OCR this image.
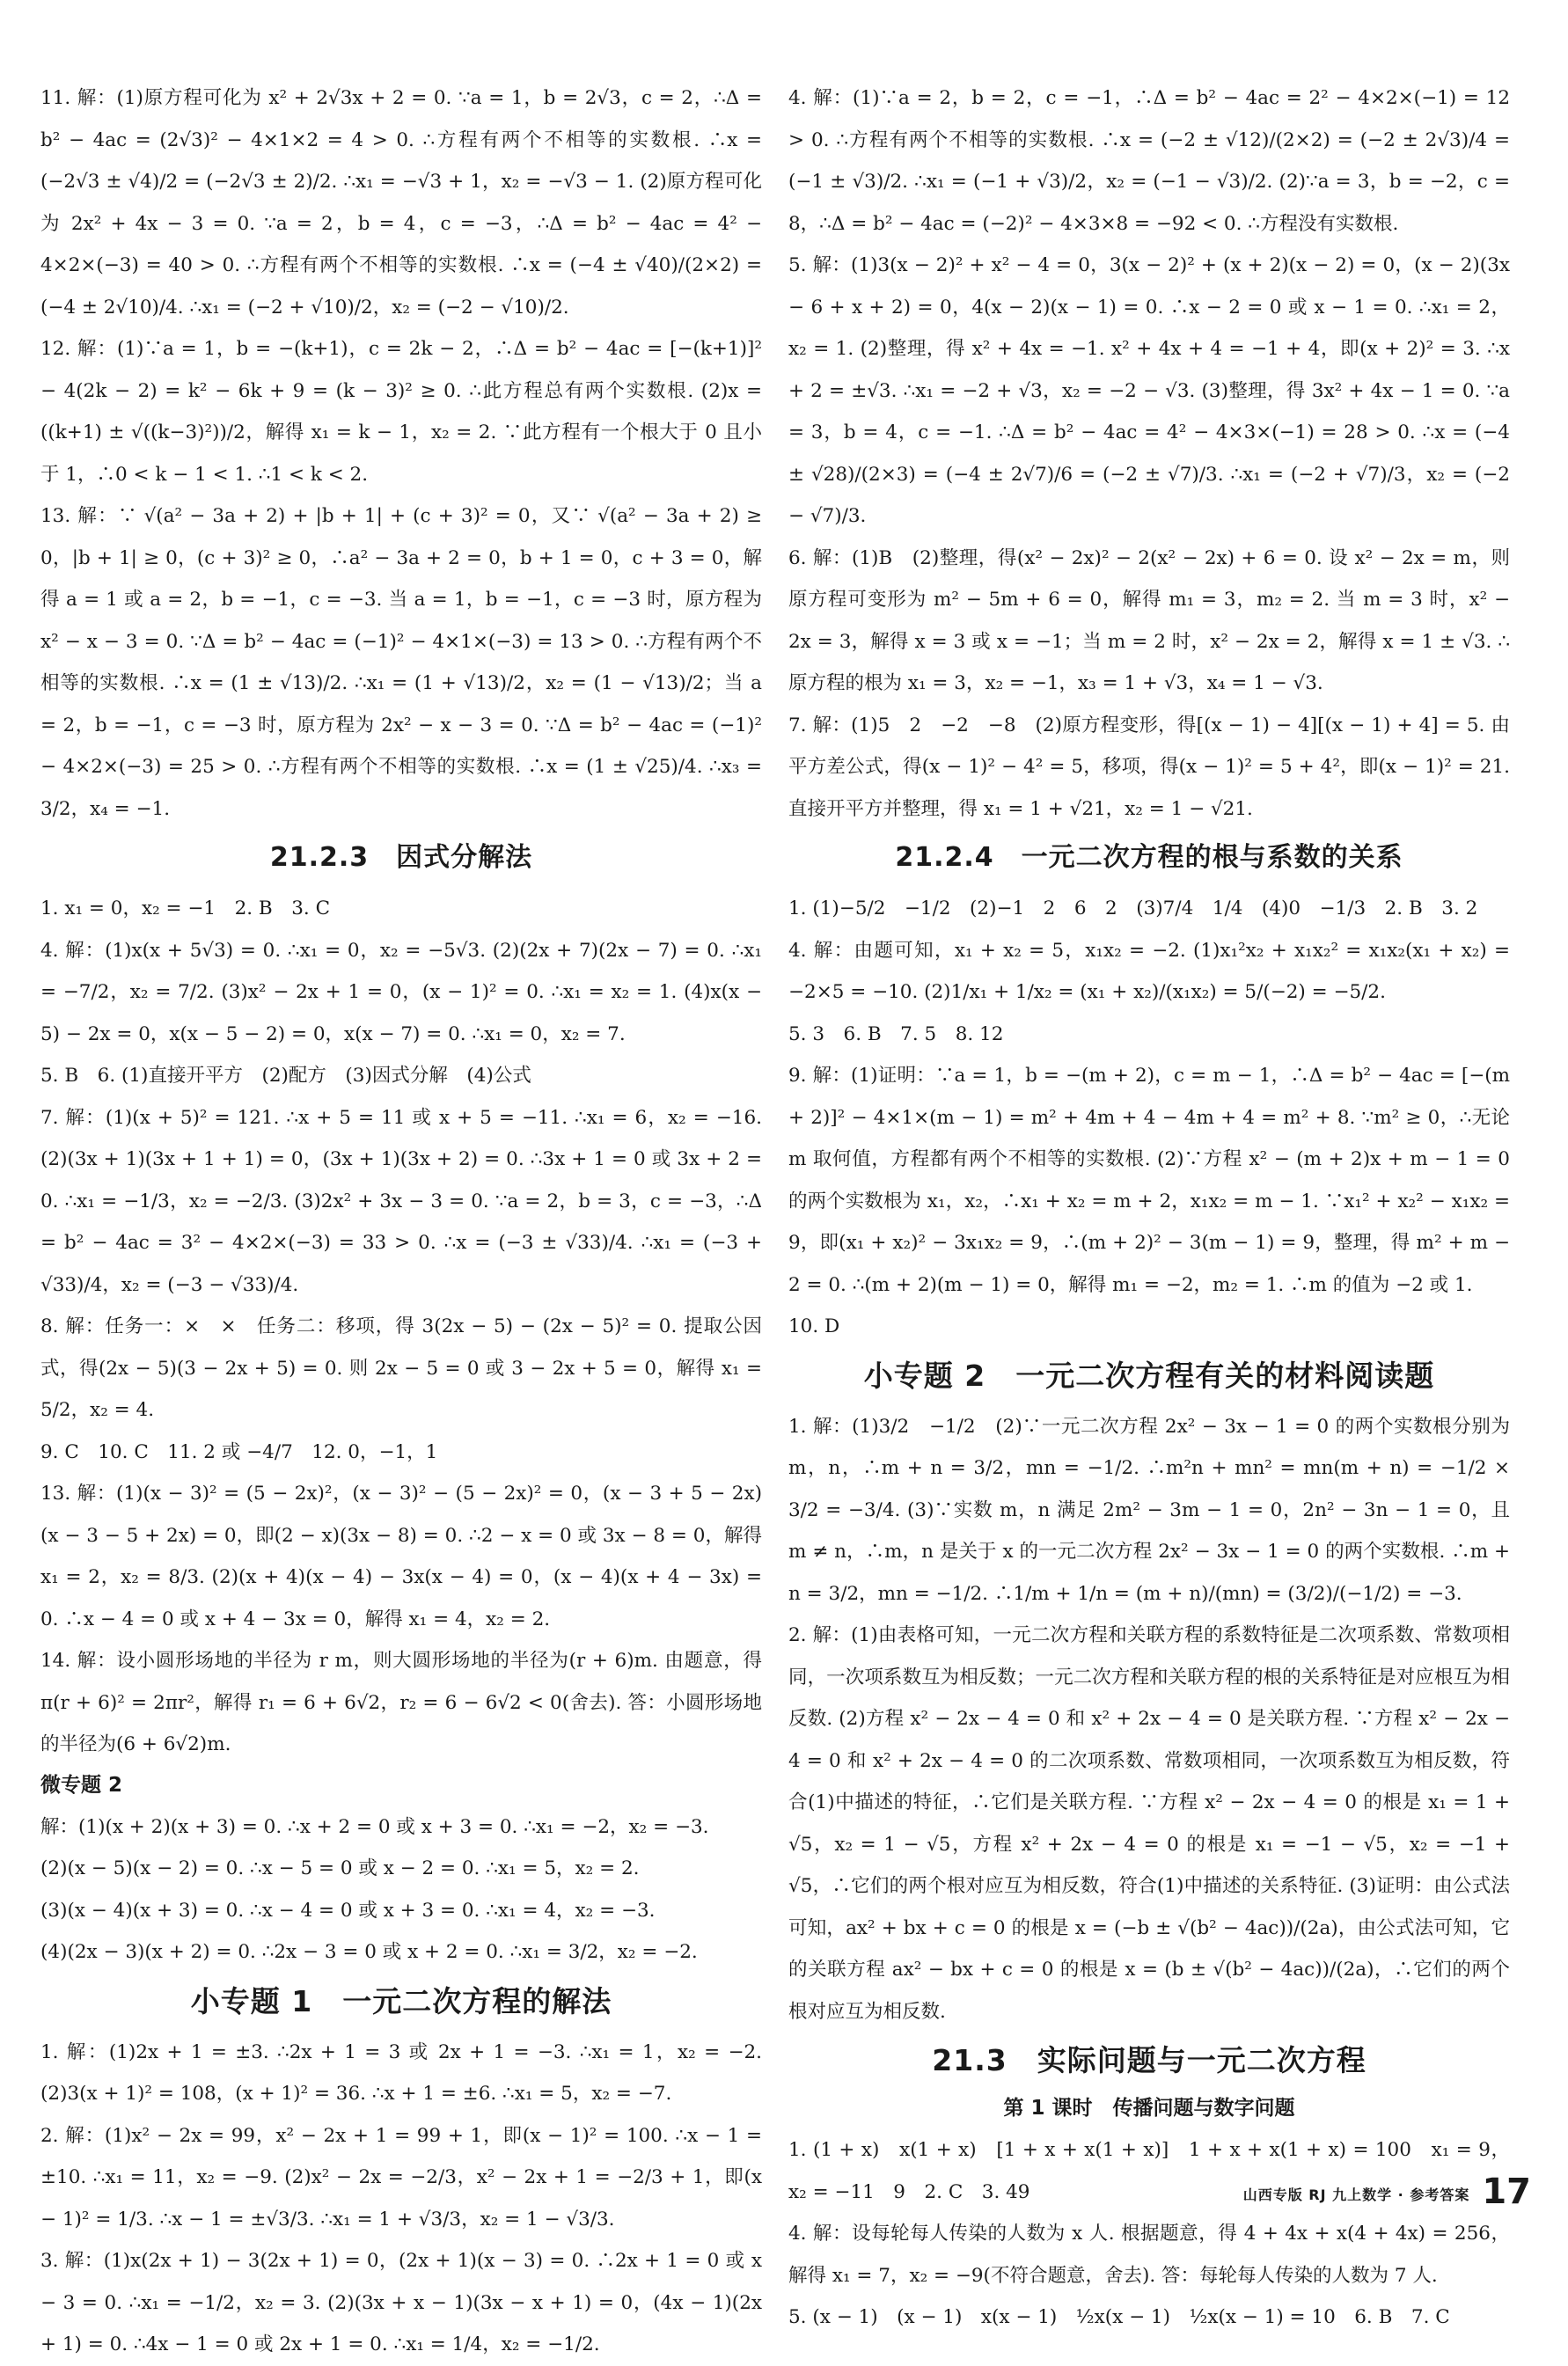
11. 解：(1)原方程可化为 x² + 2√3x + 2 = 0. ∵a = 1，b = 2√3，c = 2，∴Δ = b² − 4ac = (2√3)² − 4×1×2 = 4 > 0. ∴方程有两个不相等的实数根. ∴x = (−2√3 ± √4)/2 = (−2√3 ± 2)/2. ∴x₁ = −√3 + 1，x₂ = −√3 − 1. (2)原方程可化为 2x² + 4x − 3 = 0. ∵a = 2，b = 4，c = −3，∴Δ = b² − 4ac = 4² − 4×2×(−3) = 40 > 0. ∴方程有两个不相等的实数根. ∴x = (−4 ± √40)/(2×2) = (−4 ± 2√10)/4. ∴x₁ = (−2 + √10)/2，x₂ = (−2 − √10)/2.

12. 解：(1)∵a = 1，b = −(k+1)，c = 2k − 2，∴Δ = b² − 4ac = [−(k+1)]² − 4(2k − 2) = k² − 6k + 9 = (k − 3)² ≥ 0. ∴此方程总有两个实数根. (2)x = ((k+1) ± √((k−3)²))/2，解得 x₁ = k − 1，x₂ = 2. ∵此方程有一个根大于 0 且小于 1，∴0 < k − 1 < 1. ∴1 < k < 2.

13. 解：∵ √(a² − 3a + 2) + |b + 1| + (c + 3)² = 0，又∵ √(a² − 3a + 2) ≥ 0，|b + 1| ≥ 0，(c + 3)² ≥ 0，∴a² − 3a + 2 = 0，b + 1 = 0，c + 3 = 0，解得 a = 1 或 a = 2，b = −1，c = −3. 当 a = 1，b = −1，c = −3 时，原方程为 x² − x − 3 = 0. ∵Δ = b² − 4ac = (−1)² − 4×1×(−3) = 13 > 0. ∴方程有两个不相等的实数根. ∴x = (1 ± √13)/2. ∴x₁ = (1 + √13)/2，x₂ = (1 − √13)/2；当 a = 2，b = −1，c = −3 时，原方程为 2x² − x − 3 = 0. ∵Δ = b² − 4ac = (−1)² − 4×2×(−3) = 25 > 0. ∴方程有两个不相等的实数根. ∴x = (1 ± √25)/4. ∴x₃ = 3/2，x₄ = −1.

21.2.3　因式分解法

1. x₁ = 0，x₂ = −1　2. B　3. C

4. 解：(1)x(x + 5√3) = 0. ∴x₁ = 0，x₂ = −5√3. (2)(2x + 7)(2x − 7) = 0. ∴x₁ = −7/2，x₂ = 7/2. (3)x² − 2x + 1 = 0，(x − 1)² = 0. ∴x₁ = x₂ = 1. (4)x(x − 5) − 2x = 0，x(x − 5 − 2) = 0，x(x − 7) = 0. ∴x₁ = 0，x₂ = 7.

5. B　6. (1)直接开平方　(2)配方　(3)因式分解　(4)公式

7. 解：(1)(x + 5)² = 121. ∴x + 5 = 11 或 x + 5 = −11. ∴x₁ = 6，x₂ = −16. (2)(3x + 1)(3x + 1 + 1) = 0，(3x + 1)(3x + 2) = 0. ∴3x + 1 = 0 或 3x + 2 = 0. ∴x₁ = −1/3，x₂ = −2/3. (3)2x² + 3x − 3 = 0. ∵a = 2，b = 3，c = −3，∴Δ = b² − 4ac = 3² − 4×2×(−3) = 33 > 0. ∴x = (−3 ± √33)/4. ∴x₁ = (−3 + √33)/4，x₂ = (−3 − √33)/4.

8. 解：任务一：×　×　任务二：移项，得 3(2x − 5) − (2x − 5)² = 0. 提取公因式，得(2x − 5)(3 − 2x + 5) = 0. 则 2x − 5 = 0 或 3 − 2x + 5 = 0，解得 x₁ = 5/2，x₂ = 4.

9. C　10. C　11. 2 或 −4/7　12. 0，−1，1

13. 解：(1)(x − 3)² = (5 − 2x)²，(x − 3)² − (5 − 2x)² = 0，(x − 3 + 5 − 2x)(x − 3 − 5 + 2x) = 0，即(2 − x)(3x − 8) = 0. ∴2 − x = 0 或 3x − 8 = 0，解得 x₁ = 2，x₂ = 8/3. (2)(x + 4)(x − 4) − 3x(x − 4) = 0，(x − 4)(x + 4 − 3x) = 0. ∴x − 4 = 0 或 x + 4 − 3x = 0，解得 x₁ = 4，x₂ = 2.

14. 解：设小圆形场地的半径为 r m，则大圆形场地的半径为(r + 6)m. 由题意，得 π(r + 6)² = 2πr²，解得 r₁ = 6 + 6√2，r₂ = 6 − 6√2 < 0(舍去). 答：小圆形场地的半径为(6 + 6√2)m.

微专题 2

解：(1)(x + 2)(x + 3) = 0. ∴x + 2 = 0 或 x + 3 = 0. ∴x₁ = −2，x₂ = −3.

(2)(x − 5)(x − 2) = 0. ∴x − 5 = 0 或 x − 2 = 0. ∴x₁ = 5，x₂ = 2.

(3)(x − 4)(x + 3) = 0. ∴x − 4 = 0 或 x + 3 = 0. ∴x₁ = 4，x₂ = −3.

(4)(2x − 3)(x + 2) = 0. ∴2x − 3 = 0 或 x + 2 = 0. ∴x₁ = 3/2，x₂ = −2.

小专题 1　一元二次方程的解法

1. 解：(1)2x + 1 = ±3. ∴2x + 1 = 3 或 2x + 1 = −3. ∴x₁ = 1，x₂ = −2. (2)3(x + 1)² = 108，(x + 1)² = 36. ∴x + 1 = ±6. ∴x₁ = 5，x₂ = −7.

2. 解：(1)x² − 2x = 99，x² − 2x + 1 = 99 + 1，即(x − 1)² = 100. ∴x − 1 = ±10. ∴x₁ = 11，x₂ = −9. (2)x² − 2x = −2/3，x² − 2x + 1 = −2/3 + 1，即(x − 1)² = 1/3. ∴x − 1 = ±√3/3. ∴x₁ = 1 + √3/3，x₂ = 1 − √3/3.

3. 解：(1)x(2x + 1) − 3(2x + 1) = 0，(2x + 1)(x − 3) = 0. ∴2x + 1 = 0 或 x − 3 = 0. ∴x₁ = −1/2，x₂ = 3. (2)(3x + x − 1)(3x − x + 1) = 0，(4x − 1)(2x + 1) = 0. ∴4x − 1 = 0 或 2x + 1 = 0. ∴x₁ = 1/4，x₂ = −1/2.

4. 解：(1)∵a = 2，b = 2，c = −1，∴Δ = b² − 4ac = 2² − 4×2×(−1) = 12 > 0. ∴方程有两个不相等的实数根. ∴x = (−2 ± √12)/(2×2) = (−2 ± 2√3)/4 = (−1 ± √3)/2. ∴x₁ = (−1 + √3)/2，x₂ = (−1 − √3)/2. (2)∵a = 3，b = −2，c = 8，∴Δ = b² − 4ac = (−2)² − 4×3×8 = −92 < 0. ∴方程没有实数根.

5. 解：(1)3(x − 2)² + x² − 4 = 0，3(x − 2)² + (x + 2)(x − 2) = 0，(x − 2)(3x − 6 + x + 2) = 0，4(x − 2)(x − 1) = 0. ∴x − 2 = 0 或 x − 1 = 0. ∴x₁ = 2，x₂ = 1. (2)整理，得 x² + 4x = −1. x² + 4x + 4 = −1 + 4，即(x + 2)² = 3. ∴x + 2 = ±√3. ∴x₁ = −2 + √3，x₂ = −2 − √3. (3)整理，得 3x² + 4x − 1 = 0. ∵a = 3，b = 4，c = −1. ∴Δ = b² − 4ac = 4² − 4×3×(−1) = 28 > 0. ∴x = (−4 ± √28)/(2×3) = (−4 ± 2√7)/6 = (−2 ± √7)/3. ∴x₁ = (−2 + √7)/3，x₂ = (−2 − √7)/3.

6. 解：(1)B　(2)整理，得(x² − 2x)² − 2(x² − 2x) + 6 = 0. 设 x² − 2x = m，则原方程可变形为 m² − 5m + 6 = 0，解得 m₁ = 3，m₂ = 2. 当 m = 3 时，x² − 2x = 3，解得 x = 3 或 x = −1；当 m = 2 时，x² − 2x = 2，解得 x = 1 ± √3. ∴原方程的根为 x₁ = 3，x₂ = −1，x₃ = 1 + √3，x₄ = 1 − √3.

7. 解：(1)5　2　−2　−8　(2)原方程变形，得[(x − 1) − 4][(x − 1) + 4] = 5. 由平方差公式，得(x − 1)² − 4² = 5，移项，得(x − 1)² = 5 + 4²，即(x − 1)² = 21. 直接开平方并整理，得 x₁ = 1 + √21，x₂ = 1 − √21.

21.2.4　一元二次方程的根与系数的关系

1. (1)−5/2　−1/2　(2)−1　2　6　2　(3)7/4　1/4　(4)0　−1/3　2. B　3. 2

4. 解：由题可知，x₁ + x₂ = 5，x₁x₂ = −2. (1)x₁²x₂ + x₁x₂² = x₁x₂(x₁ + x₂) = −2×5 = −10. (2)1/x₁ + 1/x₂ = (x₁ + x₂)/(x₁x₂) = 5/(−2) = −5/2.

5. 3　6. B　7. 5　8. 12

9. 解：(1)证明：∵a = 1，b = −(m + 2)，c = m − 1，∴Δ = b² − 4ac = [−(m + 2)]² − 4×1×(m − 1) = m² + 4m + 4 − 4m + 4 = m² + 8. ∵m² ≥ 0，∴无论 m 取何值，方程都有两个不相等的实数根. (2)∵方程 x² − (m + 2)x + m − 1 = 0 的两个实数根为 x₁，x₂，∴x₁ + x₂ = m + 2，x₁x₂ = m − 1. ∵x₁² + x₂² − x₁x₂ = 9，即(x₁ + x₂)² − 3x₁x₂ = 9，∴(m + 2)² − 3(m − 1) = 9，整理，得 m² + m − 2 = 0. ∴(m + 2)(m − 1) = 0，解得 m₁ = −2，m₂ = 1. ∴m 的值为 −2 或 1.

10. D

小专题 2　一元二次方程有关的材料阅读题

1. 解：(1)3/2　−1/2　(2)∵一元二次方程 2x² − 3x − 1 = 0 的两个实数根分别为 m，n，∴m + n = 3/2，mn = −1/2. ∴m²n + mn² = mn(m + n) = −1/2 × 3/2 = −3/4. (3)∵实数 m，n 满足 2m² − 3m − 1 = 0，2n² − 3n − 1 = 0，且 m ≠ n，∴m，n 是关于 x 的一元二次方程 2x² − 3x − 1 = 0 的两个实数根. ∴m + n = 3/2，mn = −1/2. ∴1/m + 1/n = (m + n)/(mn) = (3/2)/(−1/2) = −3.

2. 解：(1)由表格可知，一元二次方程和关联方程的系数特征是二次项系数、常数项相同，一次项系数互为相反数；一元二次方程和关联方程的根的关系特征是对应根互为相反数. (2)方程 x² − 2x − 4 = 0 和 x² + 2x − 4 = 0 是关联方程. ∵方程 x² − 2x − 4 = 0 和 x² + 2x − 4 = 0 的二次项系数、常数项相同，一次项系数互为相反数，符合(1)中描述的特征，∴它们是关联方程. ∵方程 x² − 2x − 4 = 0 的根是 x₁ = 1 + √5，x₂ = 1 − √5，方程 x² + 2x − 4 = 0 的根是 x₁ = −1 − √5，x₂ = −1 + √5，∴它们的两个根对应互为相反数，符合(1)中描述的关系特征. (3)证明：由公式法可知，ax² + bx + c = 0 的根是 x = (−b ± √(b² − 4ac))/(2a)，由公式法可知，它的关联方程 ax² − bx + c = 0 的根是 x = (b ± √(b² − 4ac))/(2a)，∴它们的两个根对应互为相反数.

21.3　实际问题与一元二次方程
第 1 课时　传播问题与数字问题

1. (1 + x)　x(1 + x)　[1 + x + x(1 + x)]　1 + x + x(1 + x) = 100　x₁ = 9，x₂ = −11　9　2. C　3. 49

4. 解：设每轮每人传染的人数为 x 人. 根据题意，得 4 + 4x + x(4 + 4x) = 256，解得 x₁ = 7，x₂ = −9(不符合题意，舍去). 答：每轮每人传染的人数为 7 人.

5. (x − 1)　(x − 1)　x(x − 1)　½x(x − 1)　½x(x − 1) = 10　6. B　7. C

山西专版 RJ 九上数学 · 参考答案 17
